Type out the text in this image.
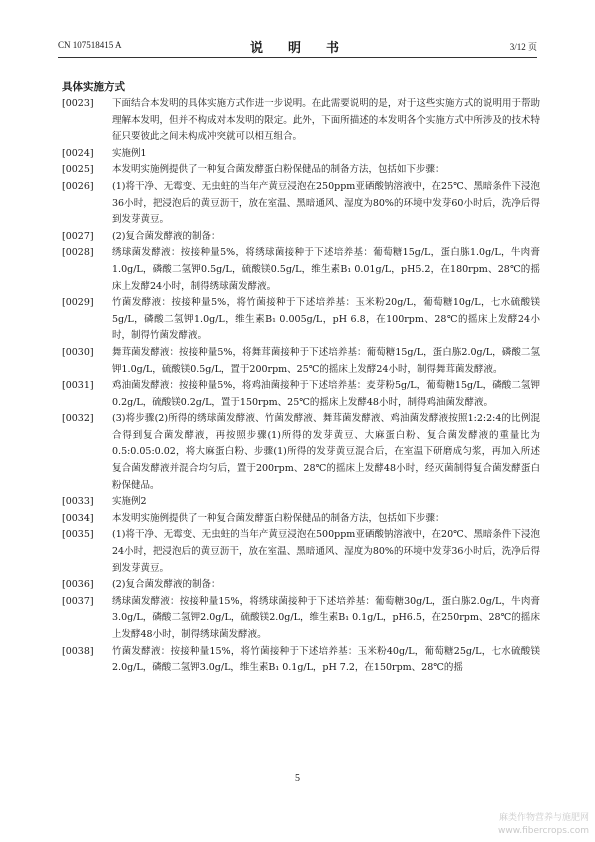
CN 107518415 A	说　明　书	3/12 页
具体实施方式
[0023]	下面结合本发明的具体实施方式作进一步说明。在此需要说明的是，对于这些实施方式的说明用于帮助理解本发明，但并不构成对本发明的限定。此外，下面所描述的本发明各个实施方式中所涉及的技术特征只要彼此之间未构成冲突就可以相互组合。
[0024]	实施例1
[0025]	本发明实施例提供了一种复合菌发酵蛋白粉保健品的制备方法，包括如下步骤：
[0026]	(1)将干净、无霉变、无虫蛀的当年产黄豆浸泡在250ppm亚硒酸钠溶液中，在25℃、黑暗条件下浸泡36小时，把浸泡后的黄豆沥干，放在室温、黑暗通风、湿度为80%的环境中发芽60小时后，洗净后得到发芽黄豆。
[0027]	(2)复合菌发酵液的制备：
[0028]	绣球菌发酵液：按接种量5%，将绣球菌接种于下述培养基：葡萄糖15g/L，蛋白胨1.0g/L，牛肉膏1.0g/L，磷酸二氢钾0.5g/L，硫酸镁0.5g/L，维生素B₁ 0.01g/L，pH5.2，在180rpm、28℃的摇床上发酵24小时，制得绣球菌发酵液。
[0029]	竹菌发酵液：按接种量5%，将竹菌接种于下述培养基：玉米粉20g/L，葡萄糖10g/L，七水硫酸镁5g/L，磷酸二氢钾1.0g/L，维生素B₁ 0.005g/L，pH 6.8，在100rpm、28℃的摇床上发酵24小时，制得竹菌发酵液。
[0030]	舞茸菌发酵液：按接种量5%，将舞茸菌接种于下述培养基：葡萄糖15g/L，蛋白胨2.0g/L，磷酸二氢钾1.0g/L，硫酸镁0.5g/L，置于200rpm、25℃的摇床上发酵24小时，制得舞茸菌发酵液。
[0031]	鸡油菌发酵液：按接种量5%，将鸡油菌接种于下述培养基：麦芽粉5g/L，葡萄糖15g/L，磷酸二氢钾0.2g/L，硫酸镁0.2g/L，置于150rpm、25℃的摇床上发酵48小时，制得鸡油菌发酵液。
[0032]	(3)将步骤(2)所得的绣球菌发酵液、竹菌发酵液、舞茸菌发酵液、鸡油菌发酵液按照1:2:2:4的比例混合得到复合菌发酵液，再按照步骤(1)所得的发芽黄豆、大麻蛋白粉、复合菌发酵液的重量比为0.5:0.05:0.02，将大麻蛋白粉、步骤(1)所得的发芽黄豆混合后，在室温下研磨成匀浆，再加入所述复合菌发酵液并混合均匀后，置于200rpm、28℃的摇床上发酵48小时，经灭菌制得复合菌发酵蛋白粉保健品。
[0033]	实施例2
[0034]	本发明实施例提供了一种复合菌发酵蛋白粉保健品的制备方法，包括如下步骤：
[0035]	(1)将干净、无霉变、无虫蛀的当年产黄豆浸泡在500ppm亚硒酸钠溶液中，在20℃、黑暗条件下浸泡24小时，把浸泡后的黄豆沥干，放在室温、黑暗通风、湿度为80%的环境中发芽36小时后，洗净后得到发芽黄豆。
[0036]	(2)复合菌发酵液的制备：
[0037]	绣球菌发酵液：按接种量15%，将绣球菌接种于下述培养基：葡萄糖30g/L，蛋白胨2.0g/L，牛肉膏3.0g/L，磷酸二氢钾2.0g/L，硫酸镁2.0g/L，维生素B₁ 0.1g/L，pH6.5，在250rpm、28℃的摇床上发酵48小时，制得绣球菌发酵液。
[0038]	竹菌发酵液：按接种量15%，将竹菌接种于下述培养基：玉米粉40g/L，葡萄糖25g/L，七水硫酸镁2.0g/L，磷酸二氢钾3.0g/L，维生素B₁ 0.1g/L，pH 7.2，在150rpm、28℃的摇
5
麻类作物营养与施肥网
www.fibercrops.com
